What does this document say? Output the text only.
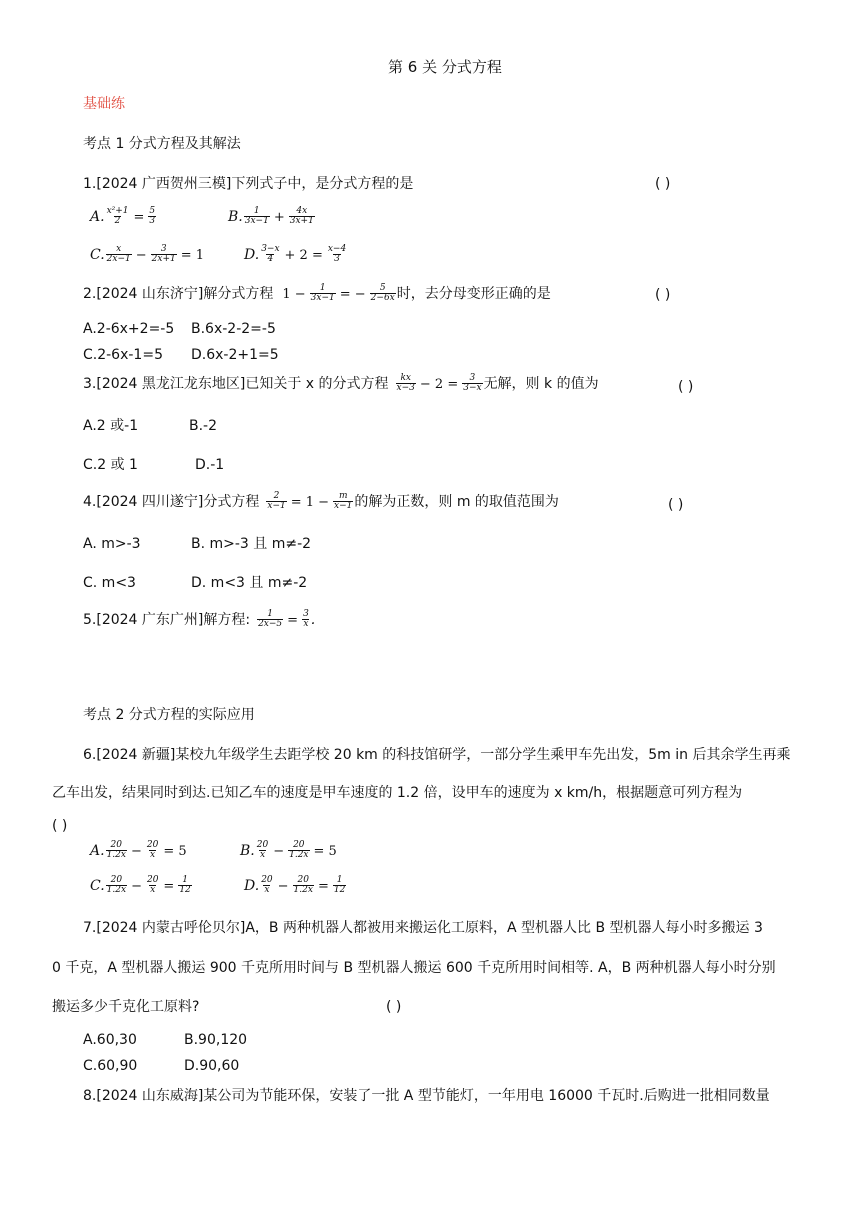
第 6 关 分式方程
基础练
考点 1 分式方程及其解法
1.[2024 广西贺州三模]下列式子中，是分式方程的是	( )
A. $\frac{\text{x²+1}}{2} = \frac{5}{3}$	B. $\frac{1}{3x-1} + \frac{4x}{3x+1}$
C. $\frac{x}{2x-1} - \frac{3}{2x+1} = 1$	D. $\frac{3-x}{4} + 2 = \frac{x-4}{3}$
2.[2024 山东济宁]解分式方程 $1 - \frac{1}{3x-1}$ = − $\frac{5}{2-6x}$ 时，去分母变形正确的是	( )
A.2-6x+2=-5 B.6x-2-2=-5
C.2-6x-1=5 D.6x-2+1=5
3.[2024 黑龙江龙东地区]已知关于 x 的分式方程 $\frac{kx}{x-3} - 2 = \frac{3}{3-x}$ 无解，则 k 的值为	( )
A.2 或-1	B.-2
C.2 或 1	D.-1
4.[2024 四川遂宁]分式方程 $\frac{2}{x-1} = 1 - \frac{m}{x-1}$ 的解为正数，则 m 的取值范围为	( )
A. m>-3	B. m>-3 且 m≠-2
C. m<3	D. m<3 且 m≠-2
5.[2024 广东广州]解方程: $\frac{1}{2x-5} = \frac{3}{x}$ .
考点 2 分式方程的实际应用
6.[2024 新疆]某校九年级学生去距学校 20 km 的科技馆研学，一部分学生乘甲车先出发，5m in 后其余学生再乘
乙车出发，结果同时到达.已知乙车的速度是甲车速度的 1.2 倍，设甲车的速度为 x km/h，根据题意可列方程为
( )
A. $\frac{20}{1.2x} - \frac{20}{x} = 5$	B. $\frac{20}{x} - \frac{20}{1.2x} = 5$
C. $\frac{20}{1.2x} - \frac{20}{x} = \frac{1}{12}$	D. $\frac{20}{x} - \frac{20}{1.2x} = \frac{1}{12}$
7.[2024 内蒙古呼伦贝尔]A，B 两种机器人都被用来搬运化工原料，A 型机器人比 B 型机器人每小时多搬运 3
0 千克，A 型机器人搬运 900 千克所用时间与 B 型机器人搬运 600 千克所用时间相等. A，B 两种机器人每小时分别
搬运多少千克化工原料?	( )
A.60,30	B.90,120
C.60,90	D.90,60
8.[2024 山东威海]某公司为节能环保，安装了一批 A 型节能灯，一年用电 16000 千瓦时.后购进一批相同数量
